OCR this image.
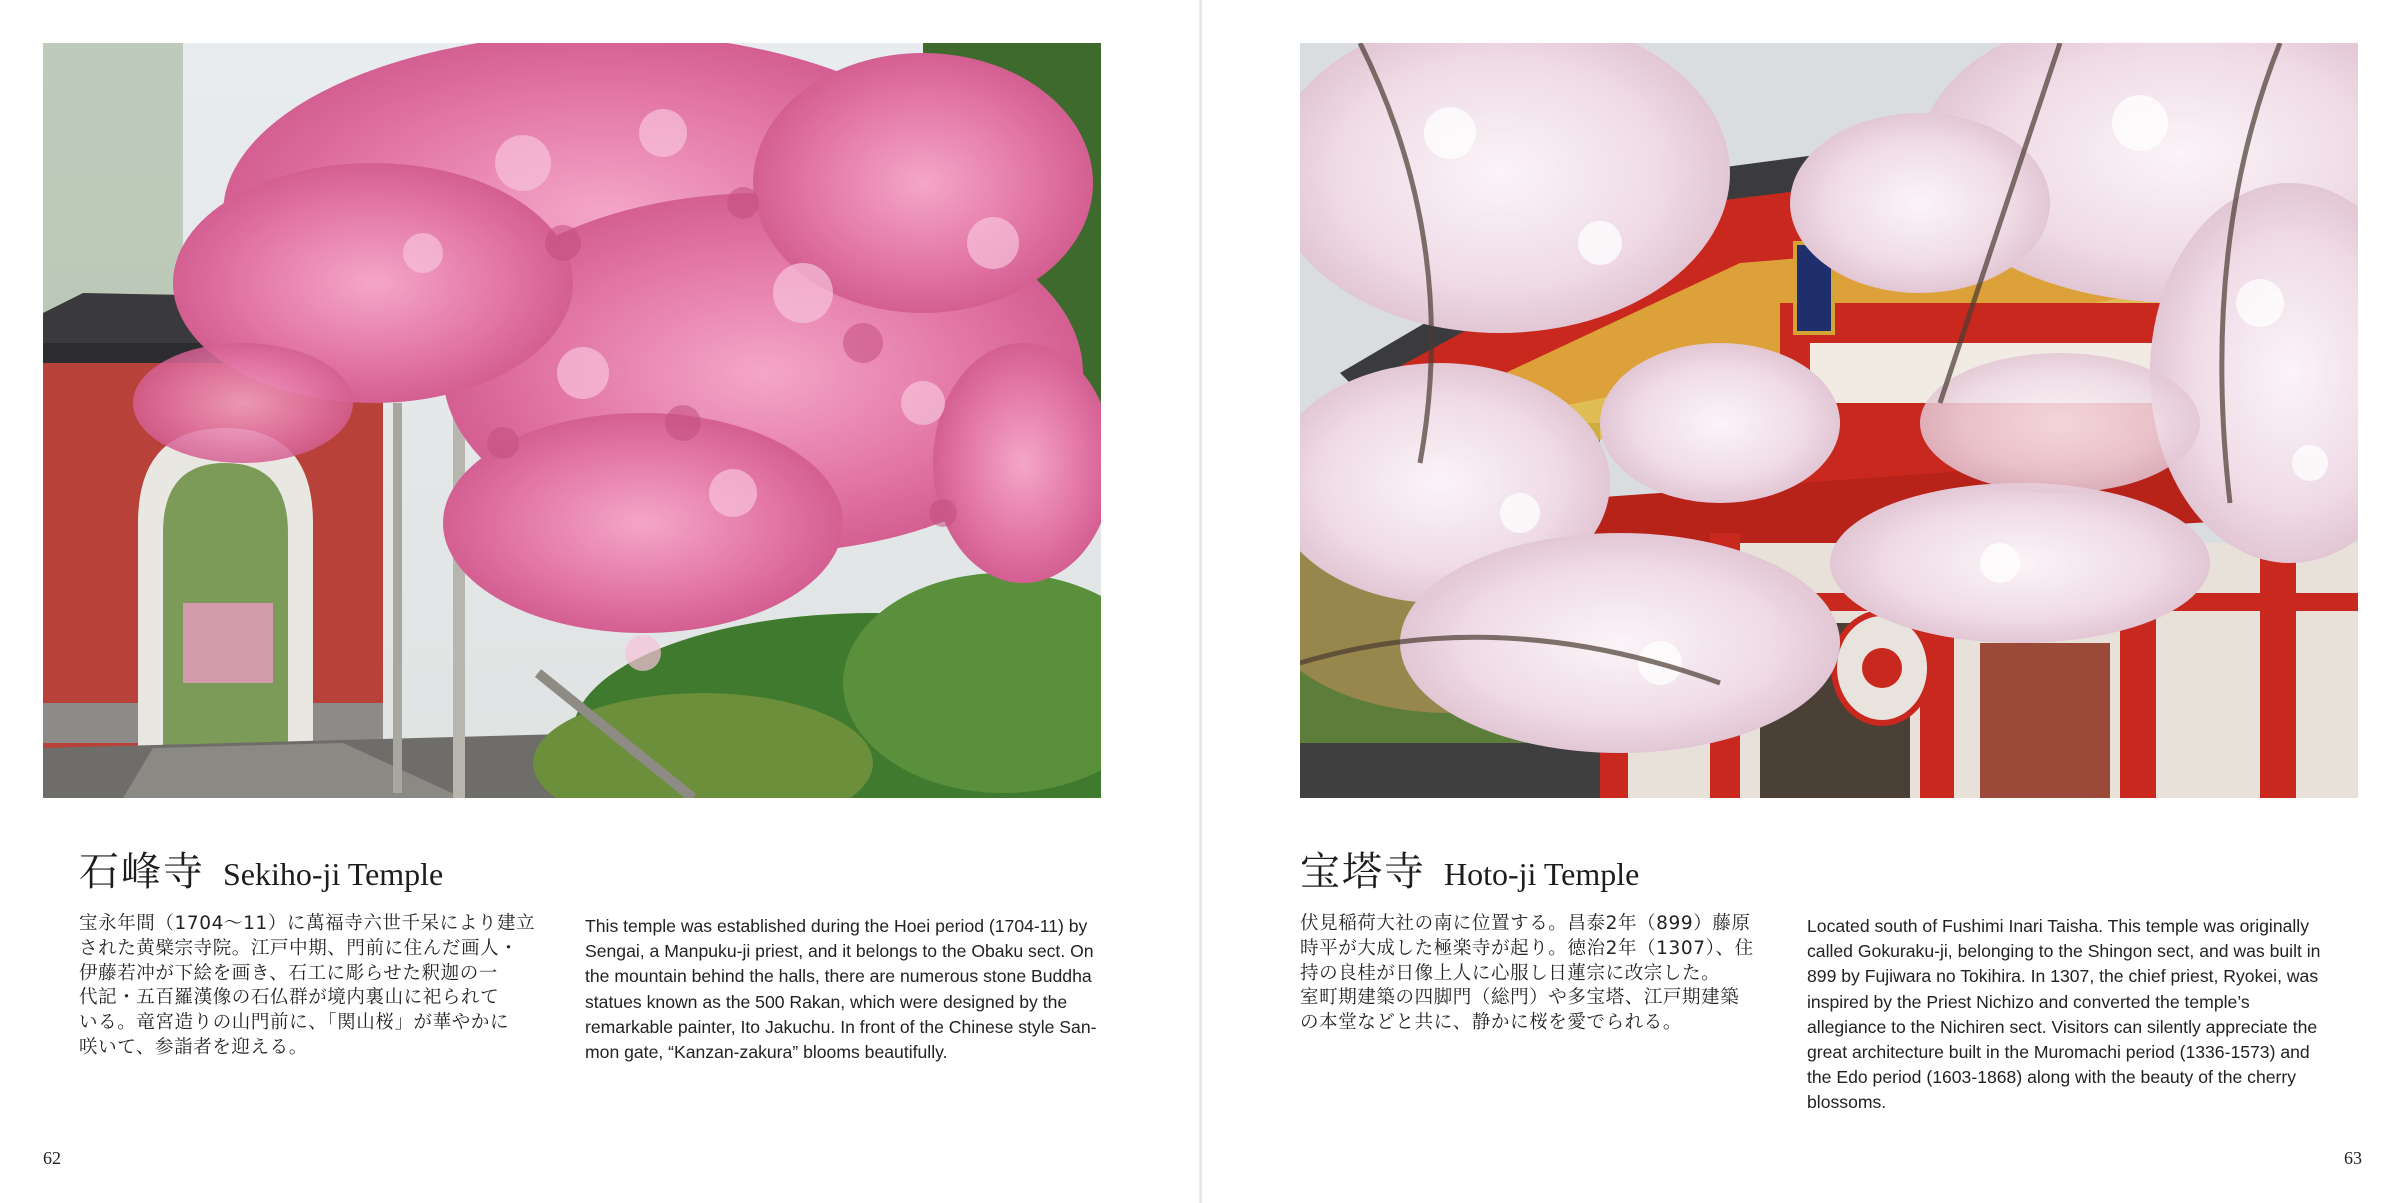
石峰寺 Sekiho-ji Temple
宝永年間（1704〜11）に萬福寺六世千呆により建立
された黄檗宗寺院。江戸中期、門前に住んだ画人・
伊藤若冲が下絵を画き、石工に彫らせた釈迦の一
代記・五百羅漢像の石仏群が境内裏山に祀られて
いる。竜宮造りの山門前に、「関山桜」が華やかに
咲いて、参詣者を迎える。
This temple was established during the Hoei period (1704-11) by Sengai, a Manpuku-ji priest, and it belongs to the Obaku sect. On the mountain behind the halls, there are numerous stone Buddha statues known as the 500 Rakan, which were designed by the remarkable painter, Ito Jakuchu. In front of the Chinese style San-mon gate, “Kanzan-zakura” blooms beautifully.
62
宝塔寺 Hoto-ji Temple
伏見稲荷大社の南に位置する。昌泰2年（899）藤原
時平が大成した極楽寺が起り。徳治2年（1307）、住
持の良桂が日像上人に心服し日蓮宗に改宗した。
室町期建築の四脚門（総門）や多宝塔、江戸期建築
の本堂などと共に、静かに桜を愛でられる。
Located south of Fushimi Inari Taisha. This temple was originally called Gokuraku-ji, belonging to the Shingon sect, and was built in 899 by Fujiwara no Tokihira. In 1307, the chief priest, Ryokei, was inspired by the Priest Nichizo and converted the temple’s allegiance to the Nichiren sect. Visitors can silently appreciate the great architecture built in the Muromachi period (1336-1573) and the Edo period (1603-1868) along with the beauty of the cherry blossoms.
63
